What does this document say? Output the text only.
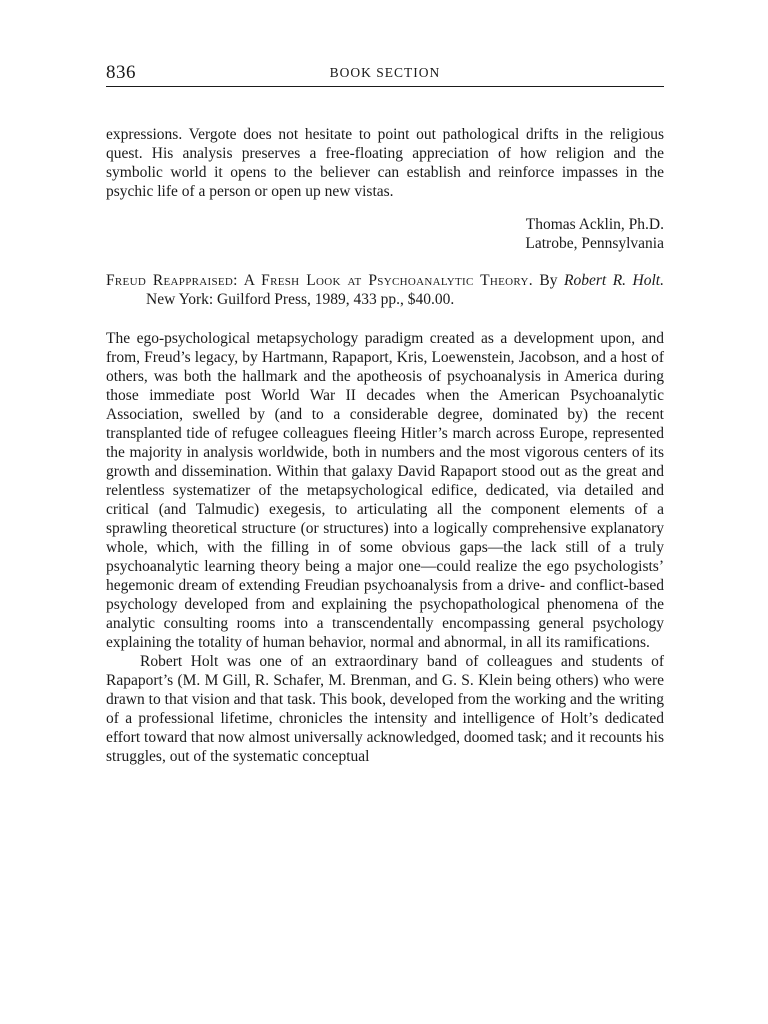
836	BOOK SECTION

expressions. Vergote does not hesitate to point out pathological drifts in the religious quest. His analysis preserves a free-floating appreciation of how religion and the symbolic world it opens to the believer can establish and reinforce impasses in the psychic life of a person or open up new vistas.

Thomas Acklin, Ph.D.
Latrobe, Pennsylvania
Freud Reappraised: A Fresh Look at Psychoanalytic Theory. By Robert R. Holt. New York: Guilford Press, 1989, 433 pp., $40.00.

The ego-psychological metapsychology paradigm created as a development upon, and from, Freud’s legacy, by Hartmann, Rapaport, Kris, Loewenstein, Jacobson, and a host of others, was both the hallmark and the apotheosis of psychoanalysis in America during those immediate post World War II decades when the American Psychoanalytic Association, swelled by (and to a considerable degree, dominated by) the recent transplanted tide of refugee colleagues fleeing Hitler’s march across Europe, represented the majority in analysis worldwide, both in numbers and the most vigorous centers of its growth and dissemination. Within that galaxy David Rapaport stood out as the great and relentless systematizer of the metapsychological edifice, dedicated, via detailed and critical (and Talmudic) exegesis, to articulating all the component elements of a sprawling theoretical structure (or structures) into a logically comprehensive explanatory whole, which, with the filling in of some obvious gaps—the lack still of a truly psychoanalytic learning theory being a major one—could realize the ego psychologists’ hegemonic dream of extending Freudian psychoanalysis from a drive- and conflict-based psychology developed from and explaining the psychopathological phenomena of the analytic consulting rooms into a transcendentally encompassing general psychology explaining the totality of human behavior, normal and abnormal, in all its ramifications.

Robert Holt was one of an extraordinary band of colleagues and students of Rapaport’s (M. M Gill, R. Schafer, M. Brenman, and G. S. Klein being others) who were drawn to that vision and that task. This book, developed from the working and the writing of a professional lifetime, chronicles the intensity and intelligence of Holt’s dedicated effort toward that now almost universally acknowledged, doomed task; and it recounts his struggles, out of the systematic conceptual
